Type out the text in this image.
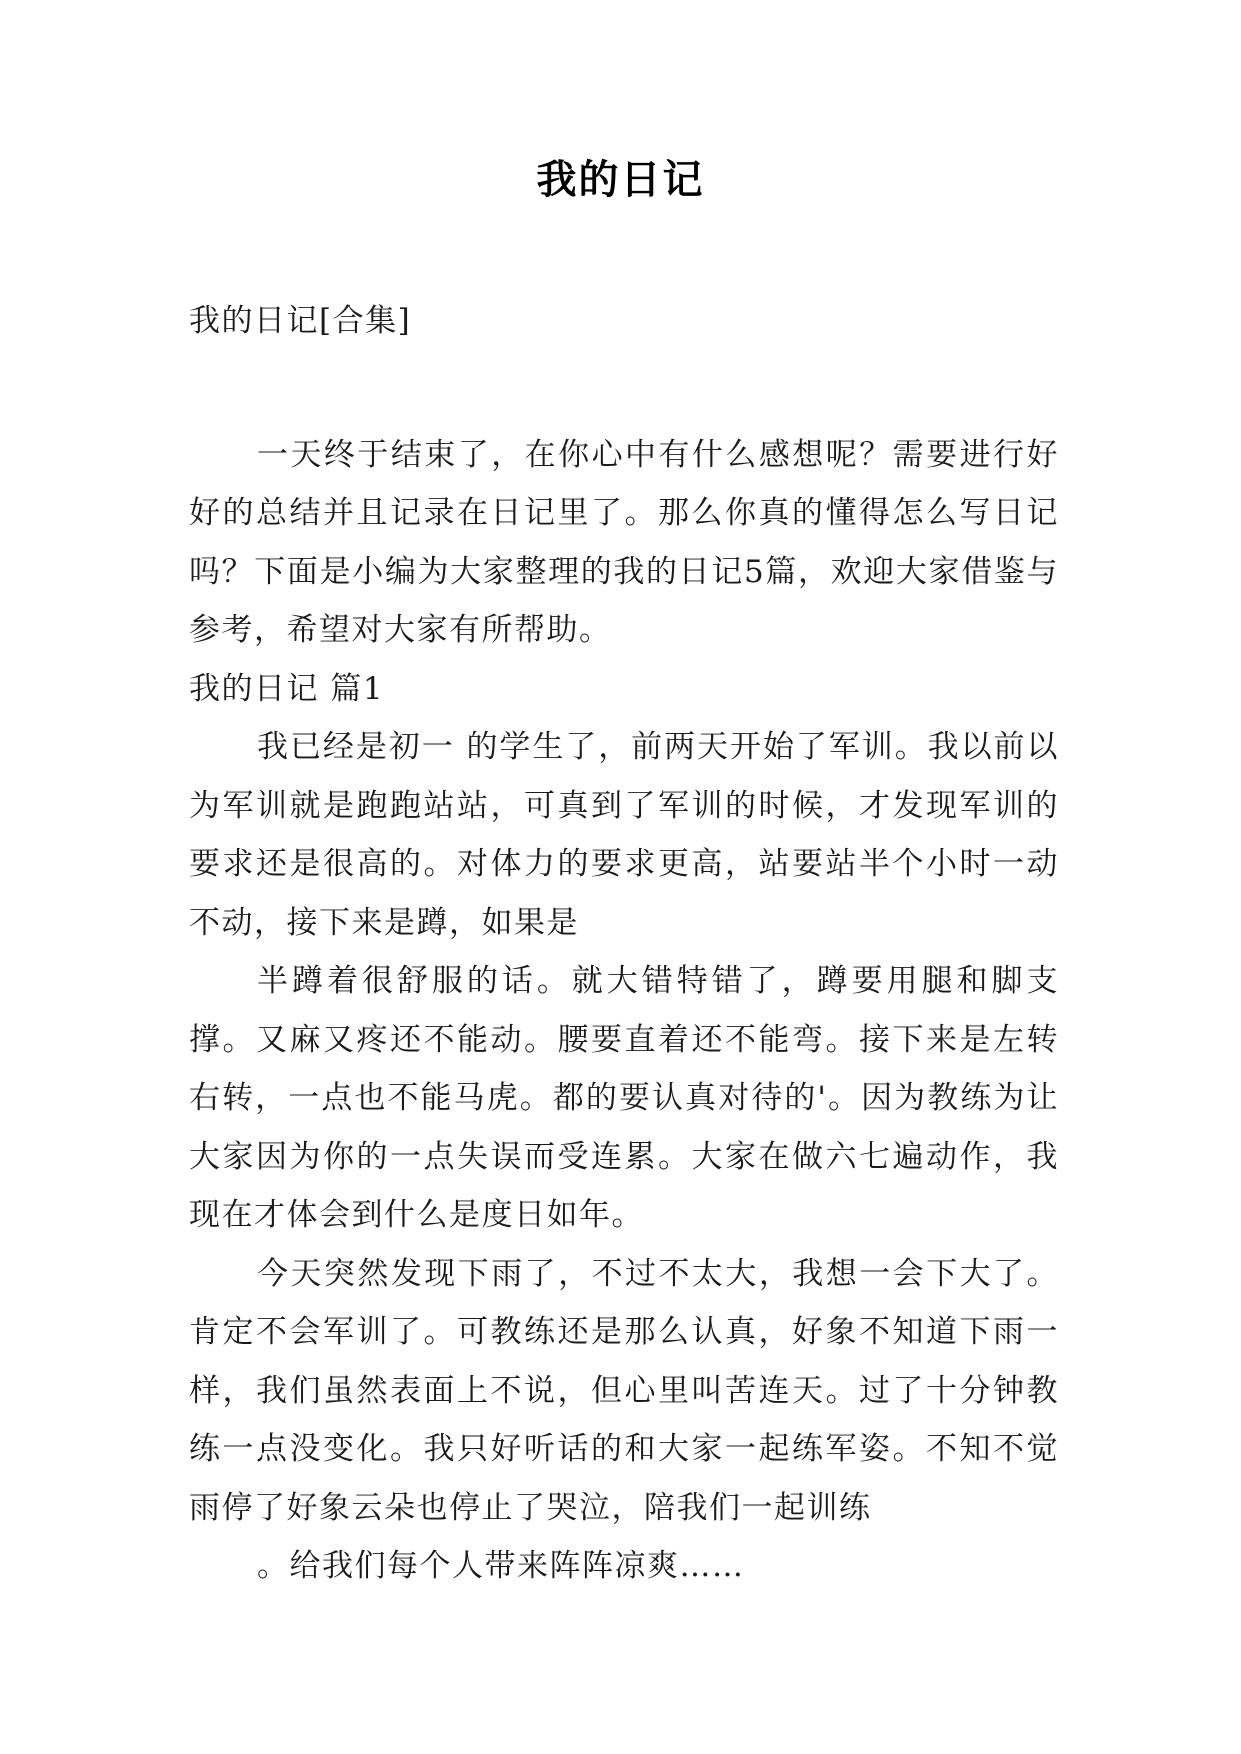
我的日记

我的日记[合集]

一天终于结束了，在你心中有什么感想呢？需要进行好好的总结并且记录在日记里了。那么你真的懂得怎么写日记吗？下面是小编为大家整理的我的日记5篇，欢迎大家借鉴与参考，希望对大家有所帮助。

我的日记 篇1

我已经是初一 的学生了，前两天开始了军训。我以前以为军训就是跑跑站站，可真到了军训的时候，才发现军训的要求还是很高的。对体力的要求更高，站要站半个小时一动不动，接下来是蹲，如果是

半蹲着很舒服的话。就大错特错了，蹲要用腿和脚支撑。又麻又疼还不能动。腰要直着还不能弯。接下来是左转右转，一点也不能马虎。都的要认真对待的'。因为教练为让大家因为你的一点失误而受连累。大家在做六七遍动作，我现在才体会到什么是度日如年。

今天突然发现下雨了，不过不太大，我想一会下大了。肯定不会军训了。可教练还是那么认真，好象不知道下雨一样，我们虽然表面上不说，但心里叫苦连天。过了十分钟教练一点没变化。我只好听话的和大家一起练军姿。不知不觉雨停了好象云朵也停止了哭泣，陪我们一起训练

。给我们每个人带来阵阵凉爽……
